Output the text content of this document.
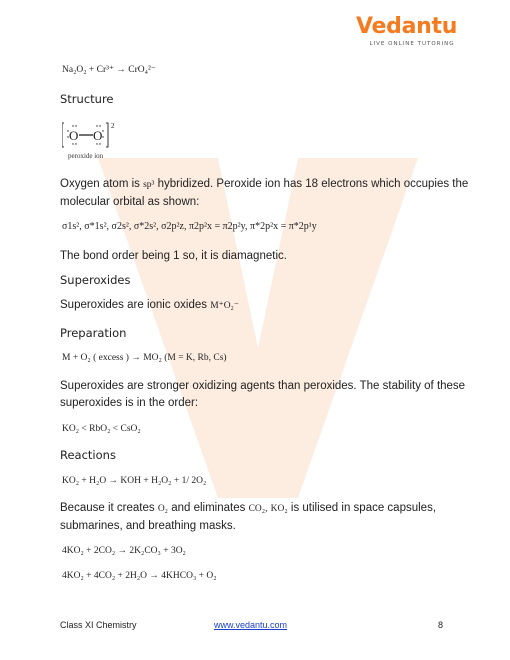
Vedantu
LIVE ONLINE TUTORING
Na₂O₂ + Cr³⁺ → CrO₄²⁻
Structure
O O
2
peroxide ion
Oxygen atom is sp³ hybridized. Peroxide ion has 18 electrons which occupies the
molecular orbital as shown:
σ1s², σ*1s², σ2s², σ*2s², σ2p²z, π2p²x = π2p²y, π*2p²x = π*2p¹y
The bond order being 1 so, it is diamagnetic.
Superoxides
Superoxides are ionic oxides M⁺O₂⁻
Preparation
M + O₂ ( excess ) → MO₂ (M = K, Rb, Cs)
Superoxides are stronger oxidizing agents than peroxides. The stability of these
superoxides is in the order:
KO₂ < RbO₂ < CsO₂
Reactions
KO₂ + H₂O → KOH + H₂O₂ + 1/ 2O₂
Because it creates O₂ and eliminates CO₂, KO₂ is utilised in space capsules,
submarines, and breathing masks.
4KO₂ + 2CO₂ → 2K₂CO₃ + 3O₂
4KO₂ + 4CO₂ + 2H₂O → 4KHCO₃ + O₂
Class XI Chemistry	www.vedantu.com	8
